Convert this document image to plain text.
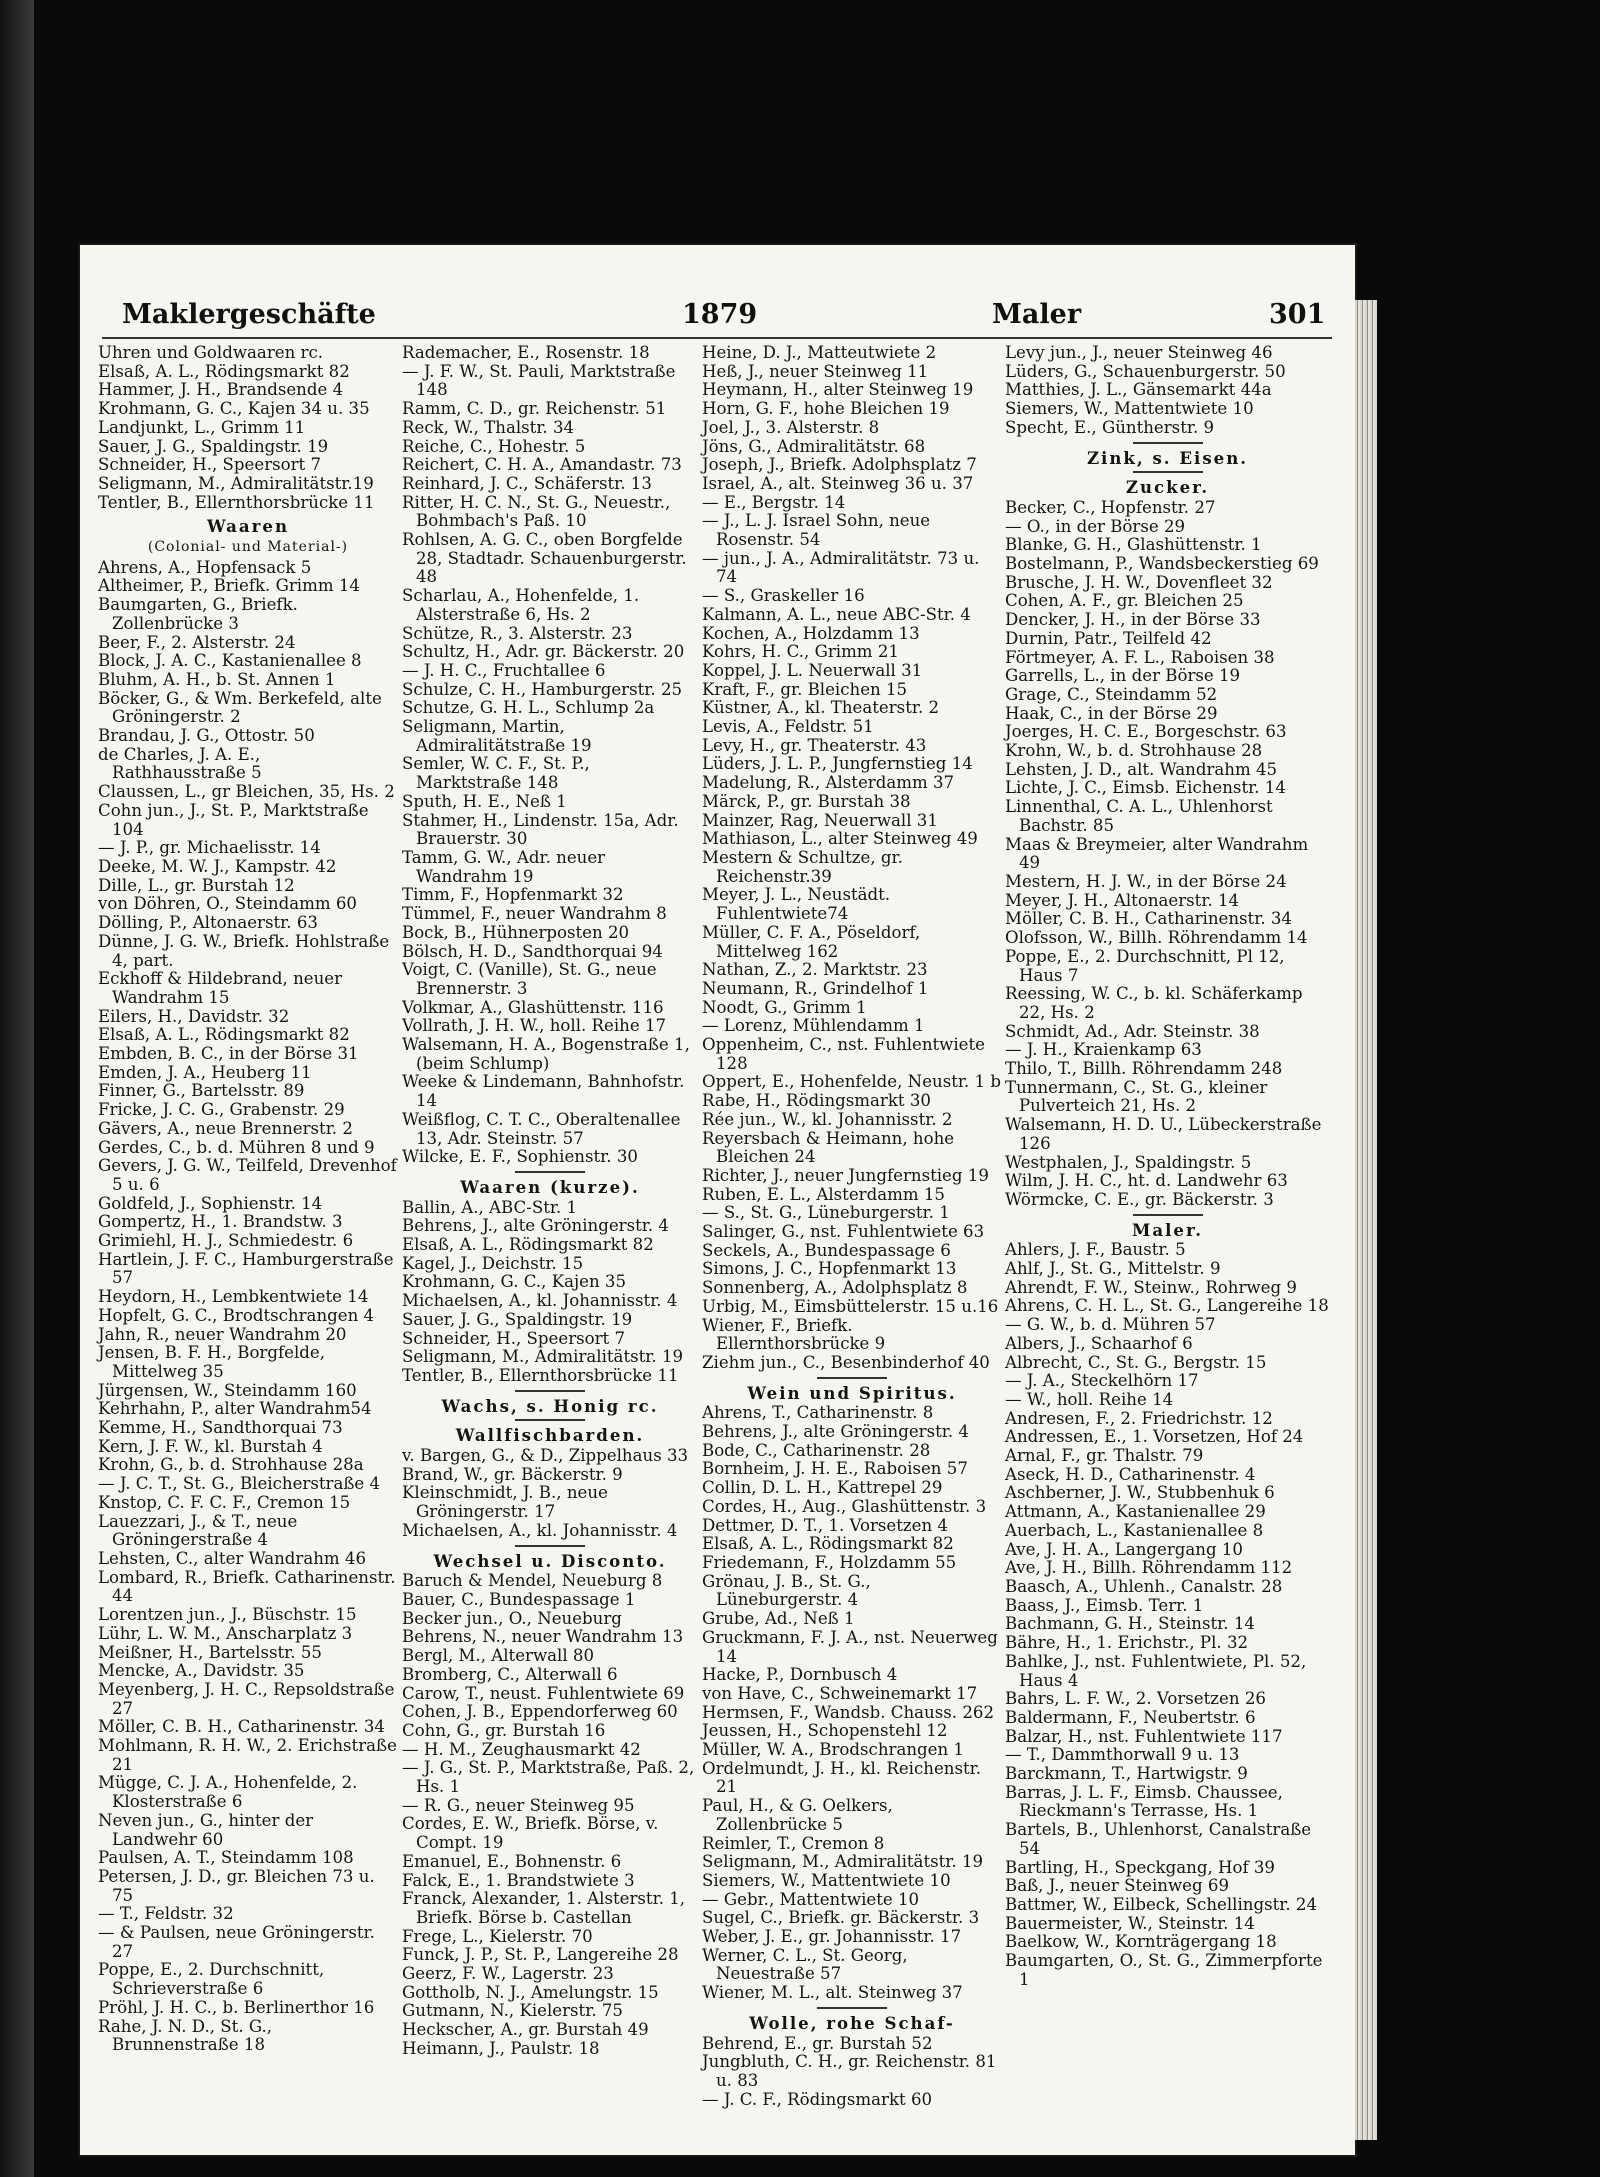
Maklergeschäfte	1879	Maler	301
Uhren und Goldwaaren rc.
Elsaß, A. L., Rödingsmarkt 82
Hammer, J. H., Brandsende 4
Krohmann, G. C., Kajen 34 u. 35
Landjunkt, L., Grimm 11
Sauer, J. G., Spaldingstr. 19
Schneider, H., Speersort 7
Seligmann, M., Admiralitätstr.19
Tentler, B., Ellernthorsbrücke 11
Waaren
(Colonial- und Material-)
Ahrens, A., Hopfensack 5
Altheimer, P., Briefk. Grimm 14
Baumgarten, G., Briefk. Zollenbrücke 3
Beer, F., 2. Alsterstr. 24
Block, J. A. C., Kastanienallee 8
Bluhm, A. H., b. St. Annen 1
Böcker, G., & Wm. Berkefeld, alte Gröningerstr. 2
Brandau, J. G., Ottostr. 50
de Charles, J. A. E., Rathhausstraße 5
Claussen, L., gr Bleichen, 35, Hs. 2
Cohn jun., J., St. P., Marktstraße 104
— J. P., gr. Michaelisstr. 14
Deeke, M. W. J., Kampstr. 42
Dille, L., gr. Burstah 12
von Döhren, O., Steindamm 60
Dölling, P., Altonaerstr. 63
Dünne, J. G. W., Briefk. Hohlstraße 4, part.
Eckhoff & Hildebrand, neuer Wandrahm 15
Eilers, H., Davidstr. 32
Elsaß, A. L., Rödingsmarkt 82
Embden, B. C., in der Börse 31
Emden, J. A., Heuberg 11
Finner, G., Bartelsstr. 89
Fricke, J. C. G., Grabenstr. 29
Gävers, A., neue Brennerstr. 2
Gerdes, C., b. d. Mühren 8 und 9
Gevers, J. G. W., Teilfeld, Drevenhof 5 u. 6
Goldfeld, J., Sophienstr. 14
Gompertz, H., 1. Brandstw. 3
Grimiehl, H. J., Schmiedestr. 6
Hartlein, J. F. C., Hamburgerstraße 57
Heydorn, H., Lembkentwiete 14
Hopfelt, G. C., Brodtschrangen 4
Jahn, R., neuer Wandrahm 20
Jensen, B. F. H., Borgfelde, Mittelweg 35
Jürgensen, W., Steindamm 160
Kehrhahn, P., alter Wandrahm54
Kemme, H., Sandthorquai 73
Kern, J. F. W., kl. Burstah 4
Krohn, G., b. d. Strohhause 28a
— J. C. T., St. G., Bleicherstraße 4
Knstop, C. F. C. F., Cremon 15
Lauezzari, J., & T., neue Gröningerstraße 4
Lehsten, C., alter Wandrahm 46
Lombard, R., Briefk. Catharinenstr. 44
Lorentzen jun., J., Büschstr. 15
Lühr, L. W. M., Anscharplatz 3
Meißner, H., Bartelsstr. 55
Mencke, A., Davidstr. 35
Meyenberg, J. H. C., Repsoldstraße 27
Möller, C. B. H., Catharinenstr. 34
Mohlmann, R. H. W., 2. Erichstraße 21
Mügge, C. J. A., Hohenfelde, 2. Klosterstraße 6
Neven jun., G., hinter der Landwehr 60
Paulsen, A. T., Steindamm 108
Petersen, J. D., gr. Bleichen 73 u. 75
— T., Feldstr. 32
— & Paulsen, neue Gröningerstr. 27
Poppe, E., 2. Durchschnitt, Schrieverstraße 6
Pröhl, J. H. C., b. Berlinerthor 16
Rahe, J. N. D., St. G., Brunnenstraße 18
Rademacher, E., Rosenstr. 18
— J. F. W., St. Pauli, Marktstraße 148
Ramm, C. D., gr. Reichenstr. 51
Reck, W., Thalstr. 34
Reiche, C., Hohestr. 5
Reichert, C. H. A., Amandastr. 73
Reinhard, J. C., Schäferstr. 13
Ritter, H. C. N., St. G., Neuestr., Bohmbach's Paß. 10
Rohlsen, A. G. C., oben Borgfelde 28, Stadtadr. Schauenburgerstr. 48
Scharlau, A., Hohenfelde, 1. Alsterstraße 6, Hs. 2
Schütze, R., 3. Alsterstr. 23
Schultz, H., Adr. gr. Bäckerstr. 20
— J. H. C., Fruchtallee 6
Schulze, C. H., Hamburgerstr. 25
Schutze, G. H. L., Schlump 2a
Seligmann, Martin, Admiralitätstraße 19
Semler, W. C. F., St. P., Marktstraße 148
Sputh, H. E., Neß 1
Stahmer, H., Lindenstr. 15a, Adr. Brauerstr. 30
Tamm, G. W., Adr. neuer Wandrahm 19
Timm, F., Hopfenmarkt 32
Tümmel, F., neuer Wandrahm 8
Bock, B., Hühnerposten 20
Bölsch, H. D., Sandthorquai 94
Voigt, C. (Vanille), St. G., neue Brennerstr. 3
Volkmar, A., Glashüttenstr. 116
Vollrath, J. H. W., holl. Reihe 17
Walsemann, H. A., Bogenstraße 1, (beim Schlump)
Weeke & Lindemann, Bahnhofstr. 14
Weißflog, C. T. C., Oberaltenallee 13, Adr. Steinstr. 57
Wilcke, E. F., Sophienstr. 30
Waaren (kurze).
Ballin, A., ABC-Str. 1
Behrens, J., alte Gröningerstr. 4
Elsaß, A. L., Rödingsmarkt 82
Kagel, J., Deichstr. 15
Krohmann, G. C., Kajen 35
Michaelsen, A., kl. Johannisstr. 4
Sauer, J. G., Spaldingstr. 19
Schneider, H., Speersort 7
Seligmann, M., Admiralitätstr. 19
Tentler, B., Ellernthorsbrücke 11
Wachs, s. Honig rc.
Wallfischbarden.
v. Bargen, G., & D., Zippelhaus 33
Brand, W., gr. Bäckerstr. 9
Kleinschmidt, J. B., neue Gröningerstr. 17
Michaelsen, A., kl. Johannisstr. 4
Wechsel u. Disconto.
Baruch & Mendel, Neueburg 8
Bauer, C., Bundespassage 1
Becker jun., O., Neueburg
Behrens, N., neuer Wandrahm 13
Bergl, M., Alterwall 80
Bromberg, C., Alterwall 6
Carow, T., neust. Fuhlentwiete 69
Cohen, J. B., Eppendorferweg 60
Cohn, G., gr. Burstah 16
— H. M., Zeughausmarkt 42
— J. G., St. P., Marktstraße, Paß. 2, Hs. 1
— R. G., neuer Steinweg 95
Cordes, E. W., Briefk. Börse, v. Compt. 19
Emanuel, E., Bohnenstr. 6
Falck, E., 1. Brandstwiete 3
Franck, Alexander, 1. Alsterstr. 1, Briefk. Börse b. Castellan
Frege, L., Kielerstr. 70
Funck, J. P., St. P., Langereihe 28
Geerz, F. W., Lagerstr. 23
Gottholb, N. J., Amelungstr. 15
Gutmann, N., Kielerstr. 75
Heckscher, A., gr. Burstah 49
Heimann, J., Paulstr. 18
Heine, D. J., Matteutwiete 2
Heß, J., neuer Steinweg 11
Heymann, H., alter Steinweg 19
Horn, G. F., hohe Bleichen 19
Joel, J., 3. Alsterstr. 8
Jöns, G., Admiralitätstr. 68
Joseph, J., Briefk. Adolphsplatz 7
Israel, A., alt. Steinweg 36 u. 37
— E., Bergstr. 14
— J., L. J. Israel Sohn, neue Rosenstr. 54
— jun., J. A., Admiralitätstr. 73 u. 74
— S., Graskeller 16
Kalmann, A. L., neue ABC-Str. 4
Kochen, A., Holzdamm 13
Kohrs, H. C., Grimm 21
Koppel, J. L. Neuerwall 31
Kraft, F., gr. Bleichen 15
Küstner, A., kl. Theaterstr. 2
Levis, A., Feldstr. 51
Levy, H., gr. Theaterstr. 43
Lüders, J. L. P., Jungfernstieg 14
Madelung, R., Alsterdamm 37
Märck, P., gr. Burstah 38
Mainzer, Rag, Neuerwall 31
Mathiason, L., alter Steinweg 49
Mestern & Schultze, gr. Reichenstr.39
Meyer, J. L., Neustädt. Fuhlentwiete74
Müller, C. F. A., Pöseldorf, Mittelweg 162
Nathan, Z., 2. Marktstr. 23
Neumann, R., Grindelhof 1
Noodt, G., Grimm 1
— Lorenz, Mühlendamm 1
Oppenheim, C., nst. Fuhlentwiete 128
Oppert, E., Hohenfelde, Neustr. 1 b
Rabe, H., Rödingsmarkt 30
Rée jun., W., kl. Johannisstr. 2
Reyersbach & Heimann, hohe Bleichen 24
Richter, J., neuer Jungfernstieg 19
Ruben, E. L., Alsterdamm 15
— S., St. G., Lüneburgerstr. 1
Salinger, G., nst. Fuhlentwiete 63
Seckels, A., Bundespassage 6
Simons, J. C., Hopfenmarkt 13
Sonnenberg, A., Adolphsplatz 8
Urbig, M., Eimsbüttelerstr. 15 u.16
Wiener, F., Briefk. Ellernthorsbrücke 9
Ziehm jun., C., Besenbinderhof 40
Wein und Spiritus.
Ahrens, T., Catharinenstr. 8
Behrens, J., alte Gröningerstr. 4
Bode, C., Catharinenstr. 28
Bornheim, J. H. E., Raboisen 57
Collin, D. L. H., Kattrepel 29
Cordes, H., Aug., Glashüttenstr. 3
Dettmer, D. T., 1. Vorsetzen 4
Elsaß, A. L., Rödingsmarkt 82
Friedemann, F., Holzdamm 55
Grönau, J. B., St. G., Lüneburgerstr. 4
Grube, Ad., Neß 1
Gruckmann, F. J. A., nst. Neuerweg 14
Hacke, P., Dornbusch 4
von Have, C., Schweinemarkt 17
Hermsen, F., Wandsb. Chauss. 262
Jeussen, H., Schopenstehl 12
Müller, W. A., Brodschrangen 1
Ordelmundt, J. H., kl. Reichenstr. 21
Paul, H., & G. Oelkers, Zollenbrücke 5
Reimler, T., Cremon 8
Seligmann, M., Admiralitätstr. 19
Siemers, W., Mattentwiete 10
— Gebr., Mattentwiete 10
Sugel, C., Briefk. gr. Bäckerstr. 3
Weber, J. E., gr. Johannisstr. 17
Werner, C. L., St. Georg, Neuestraße 57
Wiener, M. L., alt. Steinweg 37
Wolle, rohe Schaf-
Behrend, E., gr. Burstah 52
Jungbluth, C. H., gr. Reichenstr. 81 u. 83
— J. C. F., Rödingsmarkt 60
Levy jun., J., neuer Steinweg 46
Lüders, G., Schauenburgerstr. 50
Matthies, J. L., Gänsemarkt 44a
Siemers, W., Mattentwiete 10
Specht, E., Güntherstr. 9
Zink, s. Eisen.
Zucker.
Becker, C., Hopfenstr. 27
— O., in der Börse 29
Blanke, G. H., Glashüttenstr. 1
Bostelmann, P., Wandsbeckerstieg 69
Brusche, J. H. W., Dovenfleet 32
Cohen, A. F., gr. Bleichen 25
Dencker, J. H., in der Börse 33
Durnin, Patr., Teilfeld 42
Förtmeyer, A. F. L., Raboisen 38
Garrells, L., in der Börse 19
Grage, C., Steindamm 52
Haak, C., in der Börse 29
Joerges, H. C. E., Borgeschstr. 63
Krohn, W., b. d. Strohhause 28
Lehsten, J. D., alt. Wandrahm 45
Lichte, J. C., Eimsb. Eichenstr. 14
Linnenthal, C. A. L., Uhlenhorst Bachstr. 85
Maas & Breymeier, alter Wandrahm 49
Mestern, H. J. W., in der Börse 24
Meyer, J. H., Altonaerstr. 14
Möller, C. B. H., Catharinenstr. 34
Olofsson, W., Billh. Röhrendamm 14
Poppe, E., 2. Durchschnitt, Pl 12, Haus 7
Reessing, W. C., b. kl. Schäferkamp 22, Hs. 2
Schmidt, Ad., Adr. Steinstr. 38
— J. H., Kraienkamp 63
Thilo, T., Billh. Röhrendamm 248
Tunnermann, C., St. G., kleiner Pulverteich 21, Hs. 2
Walsemann, H. D. U., Lübeckerstraße 126
Westphalen, J., Spaldingstr. 5
Wilm, J. H. C., ht. d. Landwehr 63
Wörmcke, C. E., gr. Bäckerstr. 3
Maler.
Ahlers, J. F., Baustr. 5
Ahlf, J., St. G., Mittelstr. 9
Ahrendt, F. W., Steinw., Rohrweg 9
Ahrens, C. H. L., St. G., Langereihe 18
— G. W., b. d. Mühren 57
Albers, J., Schaarhof 6
Albrecht, C., St. G., Bergstr. 15
— J. A., Steckelhörn 17
— W., holl. Reihe 14
Andresen, F., 2. Friedrichstr. 12
Andressen, E., 1. Vorsetzen, Hof 24
Arnal, F., gr. Thalstr. 79
Aseck, H. D., Catharinenstr. 4
Aschberner, J. W., Stubbenhuk 6
Attmann, A., Kastanienallee 29
Auerbach, L., Kastanienallee 8
Ave, J. H. A., Langergang 10
Ave, J. H., Billh. Röhrendamm 112
Baasch, A., Uhlenh., Canalstr. 28
Baass, J., Eimsb. Terr. 1
Bachmann, G. H., Steinstr. 14
Bähre, H., 1. Erichstr., Pl. 32
Bahlke, J., nst. Fuhlentwiete, Pl. 52, Haus 4
Bahrs, L. F. W., 2. Vorsetzen 26
Baldermann, F., Neubertstr. 6
Balzar, H., nst. Fuhlentwiete 117
— T., Dammthorwall 9 u. 13
Barckmann, T., Hartwigstr. 9
Barras, J. L. F., Eimsb. Chaussee, Rieckmann's Terrasse, Hs. 1
Bartels, B., Uhlenhorst, Canalstraße 54
Bartling, H., Speckgang, Hof 39
Baß, J., neuer Steinweg 69
Battmer, W., Eilbeck, Schellingstr. 24
Bauermeister, W., Steinstr. 14
Baelkow, W., Kornträgergang 18
Baumgarten, O., St. G., Zimmerpforte 1
